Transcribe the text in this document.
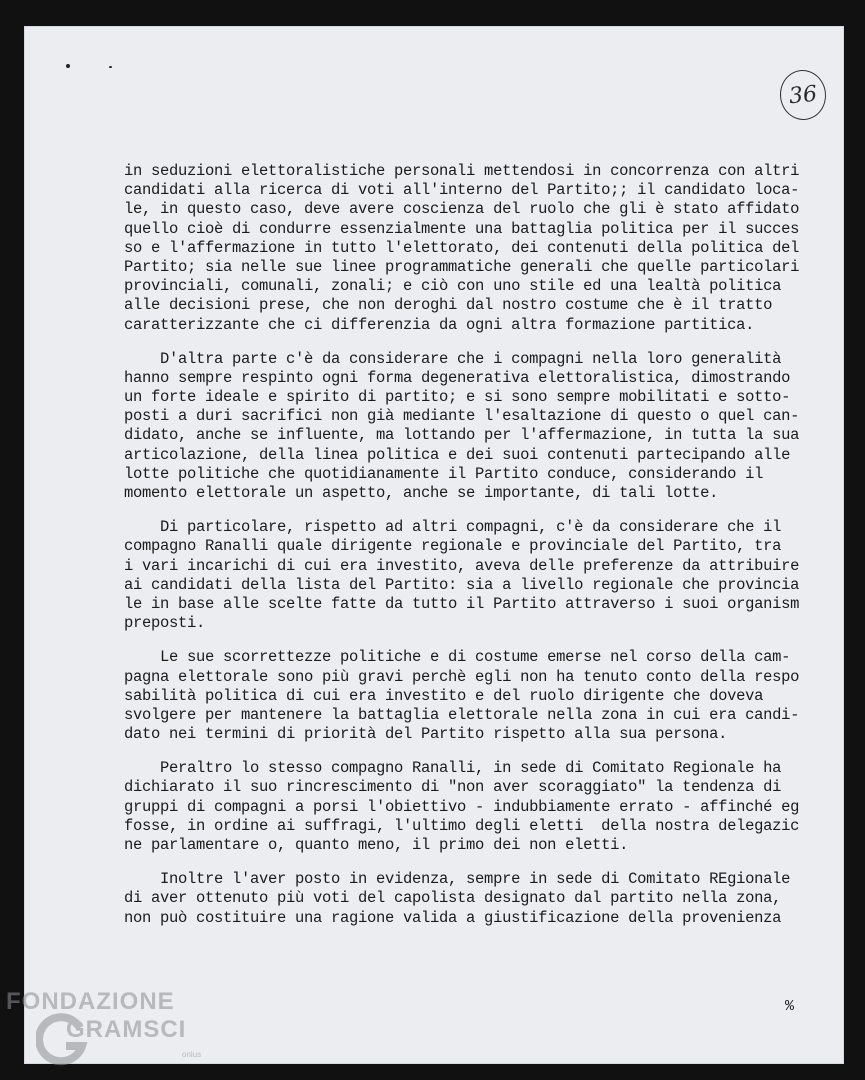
36
in seduzioni elettoralistiche personali mettendosi in concorrenza con altri
candidati alla ricerca di voti all'interno del Partito;; il candidato loca-
le, in questo caso, deve avere coscienza del ruolo che gli è stato affidato
quello cioè di condurre essenzialmente una battaglia politica per il succes
so e l'affermazione in tutto l'elettorato, dei contenuti della politica del
Partito; sia nelle sue linee programmatiche generali che quelle particolari
provinciali, comunali, zonali; e ciò con uno stile ed una lealtà politica
alle decisioni prese, che non deroghi dal nostro costume che è il tratto
caratterizzante che ci differenzia da ogni altra formazione partitica.
D'altra parte c'è da considerare che i compagni nella loro generalità
hanno sempre respinto ogni forma degenerativa elettoralistica, dimostrando
un forte ideale e spirito di partito; e si sono sempre mobilitati e sotto-
posti a duri sacrifici non già mediante l'esaltazione di questo o quel can-
didato, anche se influente, ma lottando per l'affermazione, in tutta la sua
articolazione, della linea politica e dei suoi contenuti partecipando alle
lotte politiche che quotidianamente il Partito conduce, considerando il
momento elettorale un aspetto, anche se importante, di tali lotte.
Di particolare, rispetto ad altri compagni, c'è da considerare che il
compagno Ranalli quale dirigente regionale e provinciale del Partito, tra
i vari incarichi di cui era investito, aveva delle preferenze da attribuire
ai candidati della lista del Partito: sia a livello regionale che provincia
le in base alle scelte fatte da tutto il Partito attraverso i suoi organism
preposti.
Le sue scorrettezze politiche e di costume emerse nel corso della cam-
pagna elettorale sono più gravi perchè egli non ha tenuto conto della respo
sabilità politica di cui era investito e del ruolo dirigente che doveva
svolgere per mantenere la battaglia elettorale nella zona in cui era candi-
dato nei termini di priorità del Partito rispetto alla sua persona.
Peraltro lo stesso compagno Ranalli, in sede di Comitato Regionale ha
dichiarato il suo rincrescimento di "non aver scoraggiato" la tendenza di
gruppi di compagni a porsi l'obiettivo - indubbiamente errato - affinché eg
fosse, in ordine ai suffragi, l'ultimo degli eletti  della nostra delegazic
ne parlamentare o, quanto meno, il primo dei non eletti.
Inoltre l'aver posto in evidenza, sempre in sede di Comitato REgionale
di aver ottenuto più voti del capolista designato dal partito nella zona,
non può costituire una ragione valida a giustificazione della provenienza
%
FONDAZIONE
GRAMSCI
onlus
